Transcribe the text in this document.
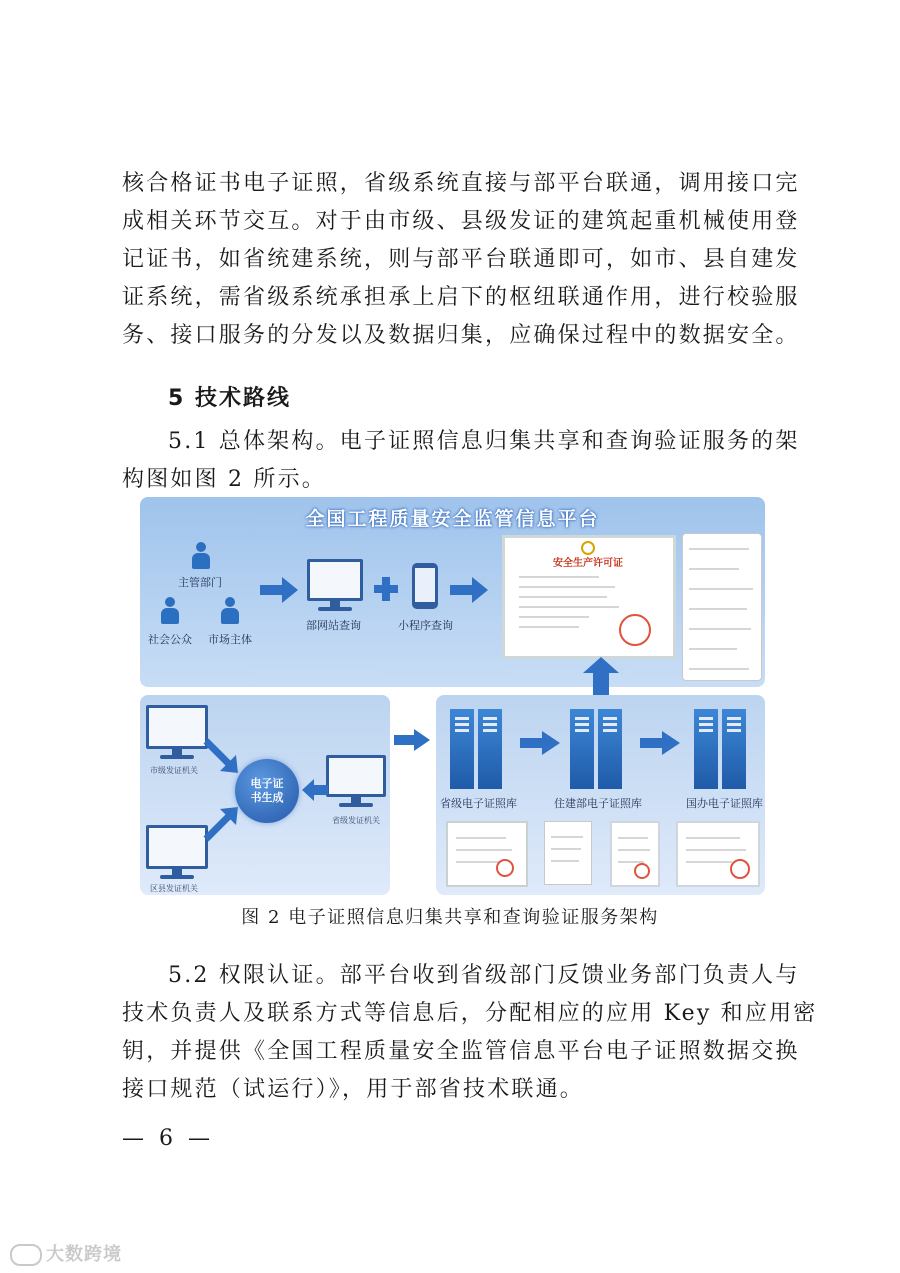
核合格证书电子证照，省级系统直接与部平台联通，调用接口完
成相关环节交互。对于由市级、县级发证的建筑起重机械使用登
记证书，如省统建系统，则与部平台联通即可，如市、县自建发
证系统，需省级系统承担承上启下的枢纽联通作用，进行校验服
务、接口服务的分发以及数据归集，应确保过程中的数据安全。
5 技术路线
5.1 总体架构。电子证照信息归集共享和查询验证服务的架
构图如图 2 所示。
全国工程质量安全监管信息平台
主管部门
社会公众 市场主体
部网站查询	小程序查询
安全生产许可证
市级发证机关
省级发证机关
区县发证机关
电子证
书生成	省级电子证照库	住建部电子证照库	国办电子证照库
图 2 电子证照信息归集共享和查询验证服务架构
5.2 权限认证。部平台收到省级部门反馈业务部门负责人与
技术负责人及联系方式等信息后，分配相应的应用 Key 和应用密
钥，并提供《全国工程质量安全监管信息平台电子证照数据交换
接口规范（试运行）》，用于部省技术联通。
— 6 —
大数跨境
